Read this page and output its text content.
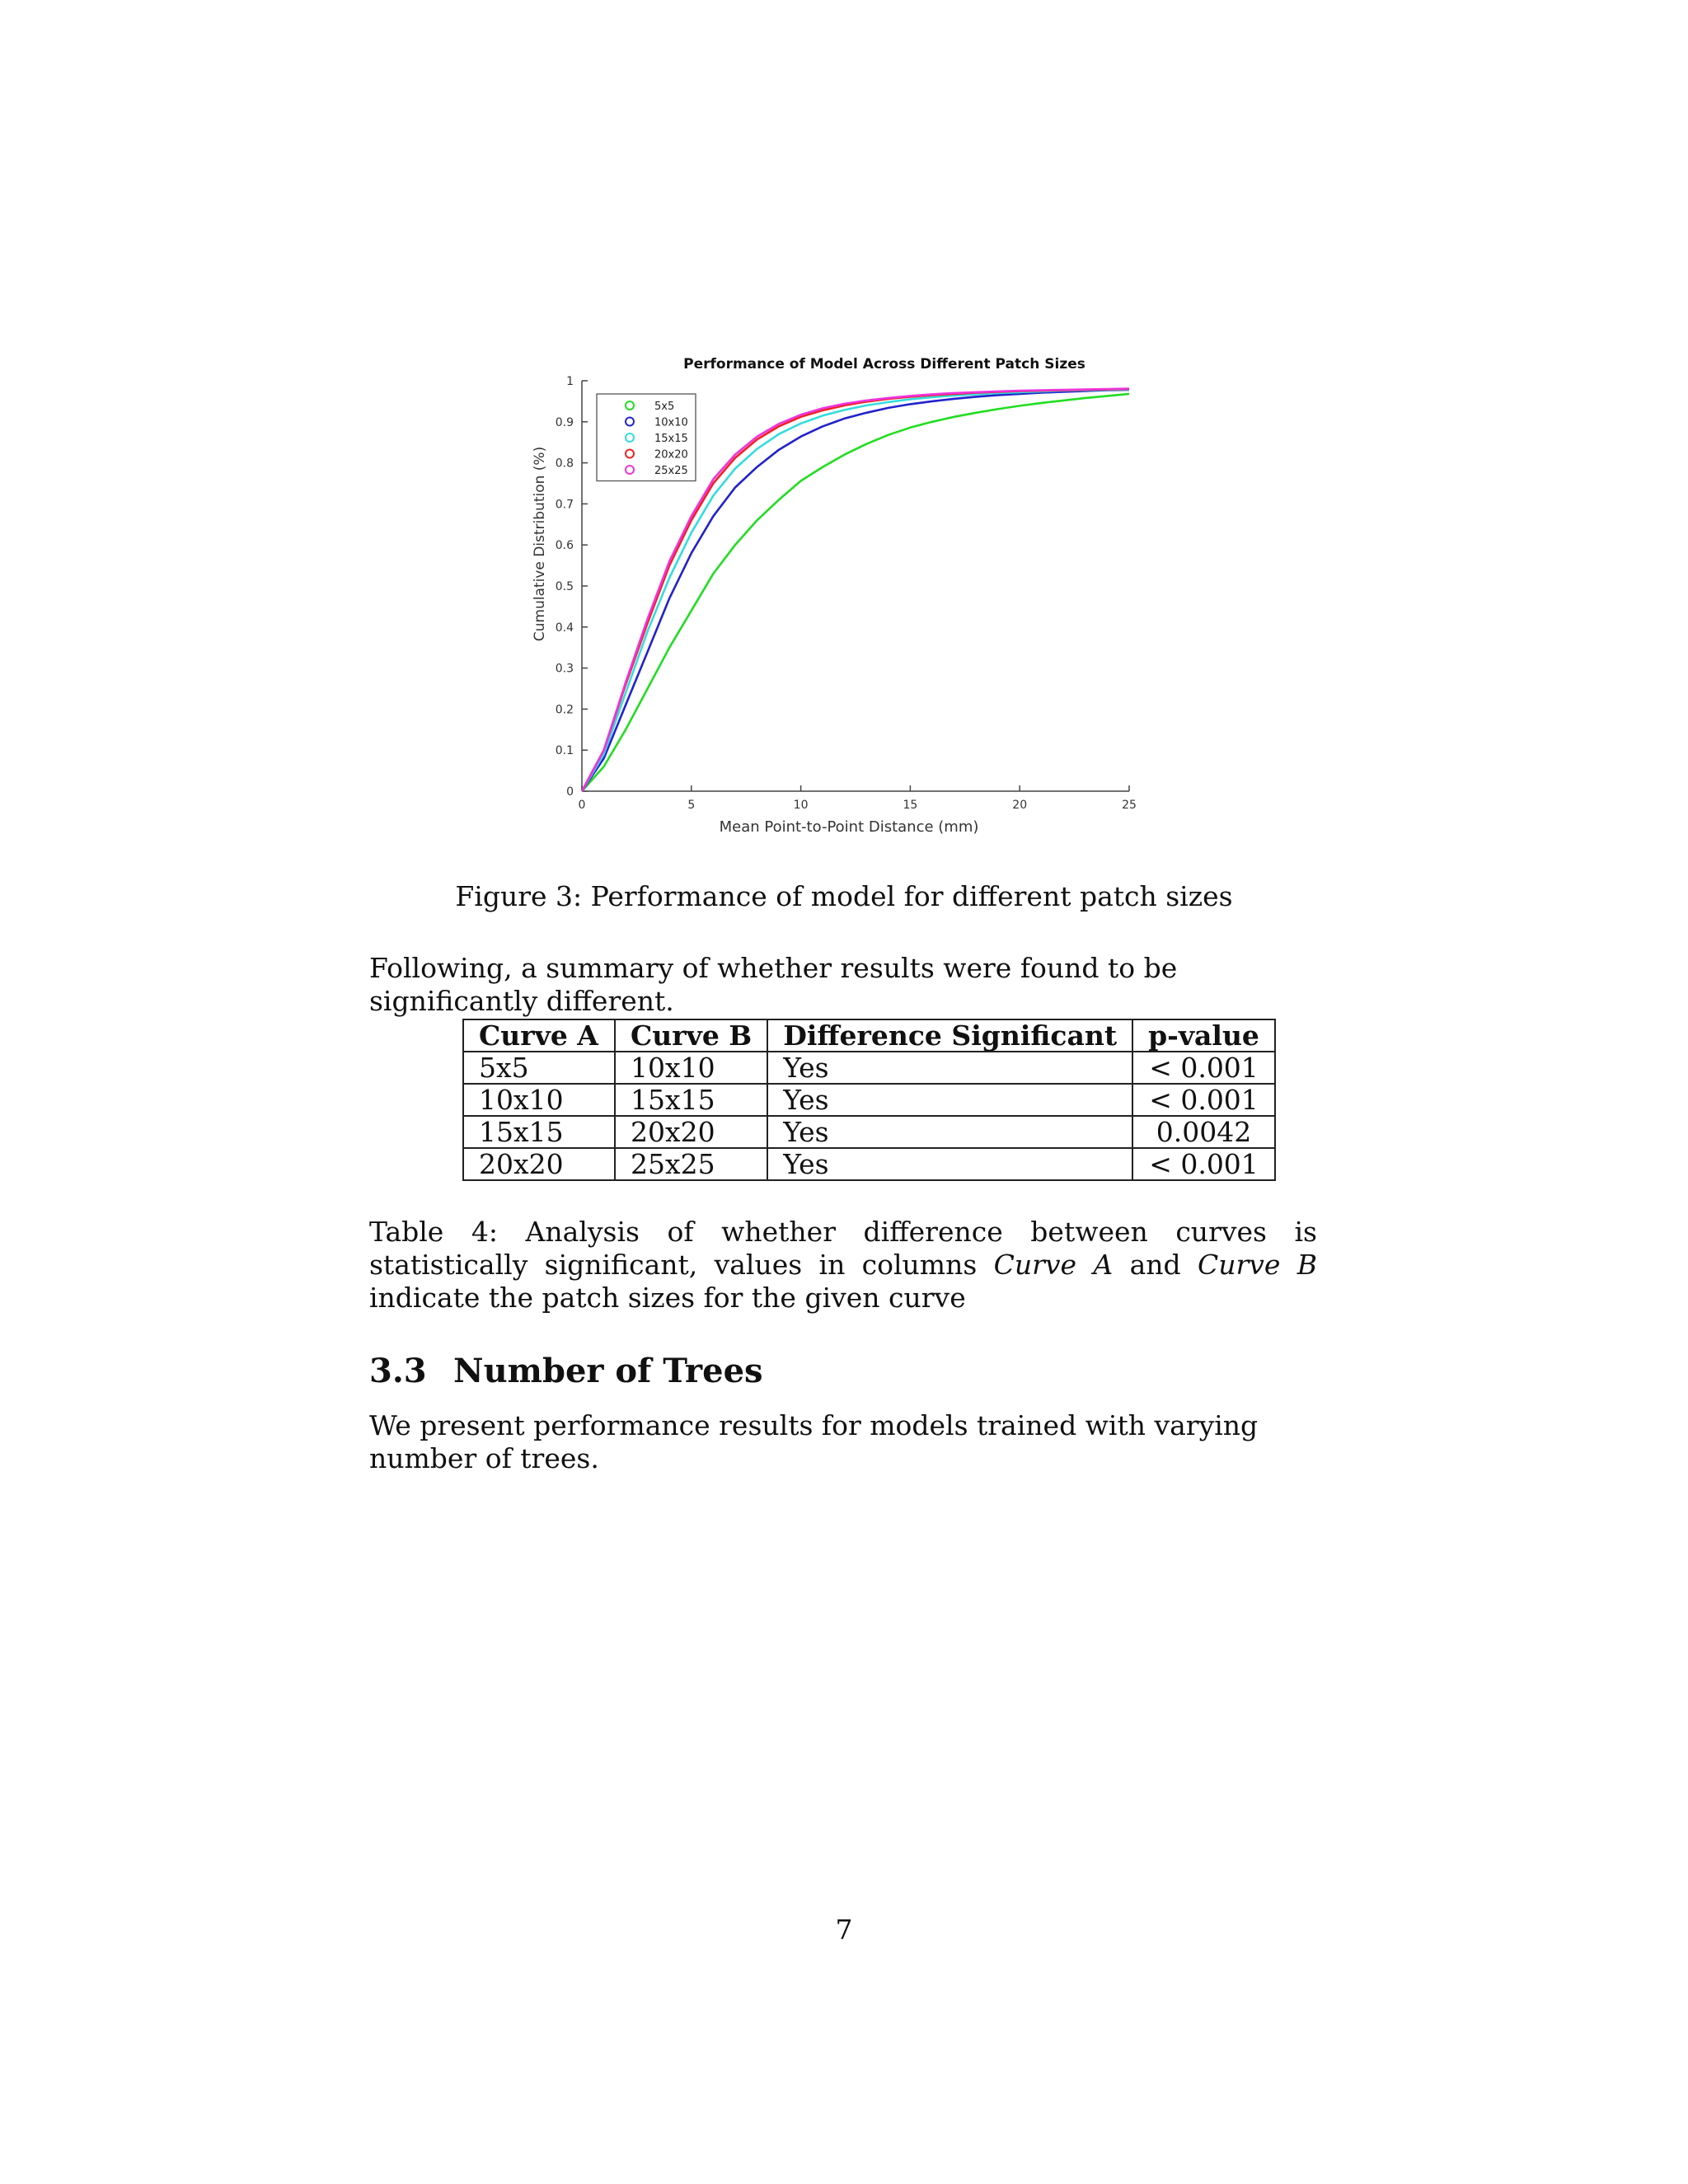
Performance of Model Across Different Patch Sizes
Cumulative Distribution (%)
Mean Point-to-Point Distance (mm)
0
0.1
0.2
0.3
0.4
0.5
0.6
0.7
0.8
0.9
1
0	5	10	15	20	25
5x5
10x10
15x15
20x20
25x25
Figure 3: Performance of model for different patch sizes
Following, a summary of whether results were found to be significantly different.
Curve A	Curve B	Difference Significant	p-value
5x5	10x10	Yes	< 0.001
10x10	15x15	Yes	< 0.001
15x15	20x20	Yes	0.0042
20x20	25x25	Yes	< 0.001
Table 4: Analysis of whether difference between curves is statistically significant, values in columns Curve A and Curve B indicate the patch sizes for the given curve
3.3 Number of Trees
We present performance results for models trained with varying number of trees.
7
